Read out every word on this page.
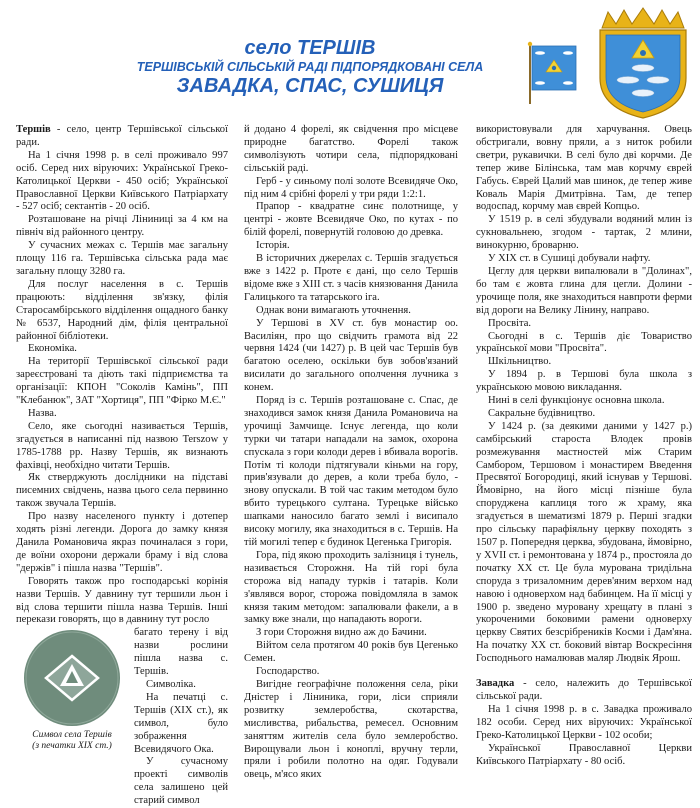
село ТЕРШІВ
ТЕРШІВСЬКІЙ СІЛЬСЬКІЙ РАДІ ПІДПОРЯДКОВАНІ СЕЛА
ЗАВАДКА, СПАС, СУШИЦЯ

Тершів - село, центр Тершівської сільської ради.

На 1 січня 1998 р. в селі проживало 997 осіб. Серед них віруючих: Української Греко-Католицької Церкви - 450 осіб; Української Православної Церкви Київського Патріархату - 527 осіб; сектантів - 20 осіб.

Розташоване на річці Ліниниці за 4 км на північ від районного центру.

У сучасних межах с. Тершів має загальну площу 116 га. Тершівська сільська рада має загальну площу 3280 га.

Для послуг населення в с. Тершів працюють: відділення зв'язку, філія Старосамбірського відділення ощадного банку № 6537, Народний дім, філія центральної районної бібліотеки.

Економіка.

На території Тершівської сільської ради зареєстровані та діють такі підприємства та організації: КПОН "Соколів Камінь", ПП "Клебанюк", ЗАТ "Хортиця", ПП "Фірко М.Є."

Назва.

Село, яке сьогодні називається Тершів, згадується в написанні під назвою Terszow у 1785-1788 рр. Назву Тершів, як визнають фахівці, необхідно читати Тершів.

Як стверджують дослідники на підставі писемних свідчень, назва цього села первинно також звучала Тершів.

Про назву населеного пункту і дотепер ходять різні легенди. Дорога до замку князя Данила Романовича якраз починалася з гори, де воїни охорони держали браму і від слова "держів" і пішла назва "Тершів".

Говорять також про господарські корінія назви Тершів. У давнину тут тершили льон і від слова тершити пішла назва Тершів. Інші перекази говорять, що в давнину тут росло

багато терену і від назви рослини пішла назва с. Тершів.

Символіка.

На печатці с. Тершів (XIX ст.), як символ, було зображення Всевидячого Ока.

У сучасному проекті символів села залишено цей старий символ

Символ села Тершів
(з печатки XIX ст.)

й додано 4 форелі, як свідчення про місцеве природне багатство. Форелі також символізують чотири села, підпорядковані сільській раді.

Герб - у синьому полі золоте Всевидяче Око, під ним 4 срібні форелі у три ряди 1:2:1.

Прапор - квадратне синє полотнище, у центрі - жовте Всевидяче Око, по кутах - по білій форелі, повернутій головою до древка.

Історія.

В історичних джерелах с. Тершів згадується вже з 1422 р. Проте є дані, що село Тершів відоме вже з XIII ст. з часів князювання Данила Галицького та татарського іга.

Однак вони вимагають уточнення.

У Тершові в XV ст. був монастир оо. Василіян, про що свідчить грамота від 22 червня 1424 (чи 1427) р. В цей час Тершів був багатою оселею, оскільки був зобов'язаний висилати до загального ополчення лучника з конем.

Поряд із с. Тершів розташоване с. Спас, де знаходився замок князя Данила Романовича на урочищі Замчище. Існує легенда, що коли турки чи татари нападали на замок, охорона спускала з гори колоди дерев і вбивала ворогів. Потім ті колоди підтягували кіньми на гору, прив'язували до дерев, а коли треба було, - знову опускали. В той час таким методом було вбито турецького султана. Турецьке військо шапками наносило багато землі і висипало високу могилу, яка знаходиться в с. Тершів. На тій могилі тепер є будинок Цегенька Григорія.

Гора, під якою проходить залізниця і тунель, називається Сторожня. На тій горі була сторожа від нападу турків і татарів. Коли з'являвся ворог, сторожа повідомляла в замок князя таким методом: запалювали факели, а в замку вже знали, що нападають вороги.

З гори Сторожня видно аж до Бачини.

Війтом села протягом 40 років був Цегенько Семен.

Господарство.

Вигідне географічне положення села, ріки Дністер і Ліниника, гори, ліси сприяли розвитку землеробства, скотарства, мисливства, рибальства, ремесел. Основним заняттям жителів села було землеробство. Вирощували льон і коноплі, вручну терли, пряли і робили полотно на одяг. Годували овець, м'ясо яких

використовували для харчування. Овець обстригали, вовну пряли, а з ниток робили светри, рукавички. В селі було дві корчми. Де тепер живе Білінська, там мав корчму єврей Габусь. Єврей Цалий мав шинок, де тепер живе Коваль Марія Дмитрівна. Там, де тепер водоспад, корчму мав єврей Копцьо.

У 1519 р. в селі збудували водяний млин із сукновальнею, згодом - тартак, 2 млини, винокурню, броварню.

У XIX ст. в Сушиці добували нафту.

Цеглу для церкви випалювали в "Долинах", бо там є жовта глина для цегли. Долини - урочище поля, яке знаходиться навпроти ферми від дороги на Велику Лінину, направо.

Просвіта.

Сьогодні в с. Тершів діє Товариство української мови "Просвіта".

Шкільництво.

У 1894 р. в Тершові була школа з українською мовою викладання.

Нині в селі функціонує основна школа.

Сакральне будівництво.

У 1424 р. (за деякими даними у 1427 р.) самбірський староста Влодек провів розмежування мастностей між Старим Самбором, Тершовом і монастирем Введення Пресвятої Богородиці, який існував у Тершові. Ймовірно, на його місці пізніше була споруджена каплиця того ж храму, яка згадується в шематизмі 1879 р. Перші згадки про сільську парафіяльну церкву походять з 1507 р. Попередня церква, збудована, ймовірно, у XVII ст. і ремонтована у 1874 р., простояла до початку XX ст. Це була мурована тридільна споруда з тризаломним дерев'яним верхом над навою і одноверхом над бабинцем. На її місці у 1900 р. зведено муровану хрещату в плані з укороченими боковими рамени одноверху церкву Святих безсрібреників Косми і Дам'яна. На початку XX ст. боковий вівтар Воскресіння Господнього намалював маляр Людвік Ярош.

Завадка - село, належить до Тершівської сільської ради.

На 1 січня 1998 р. в с. Завадка проживало 182 особи. Серед них віруючих: Української Греко-Католицької Церкви - 102 особи;

Української Православної Церкви Київського Патріархату - 80 осіб.
